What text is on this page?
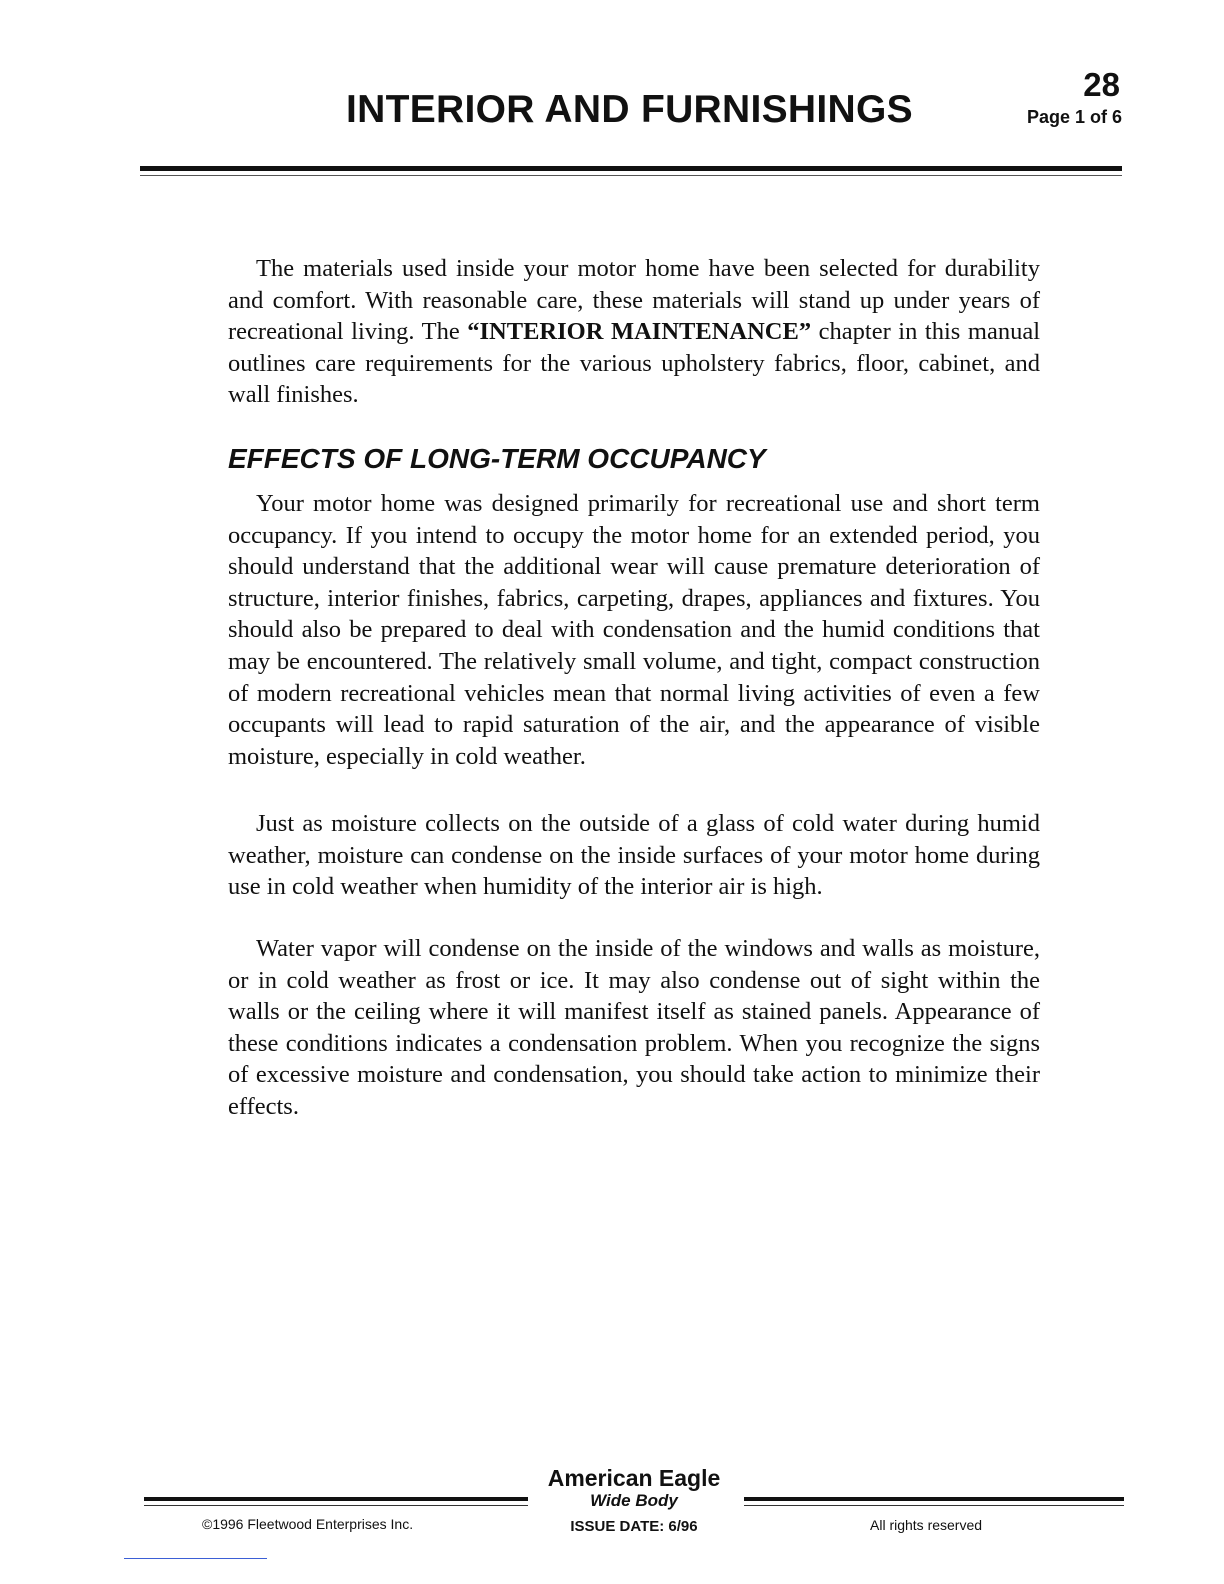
INTERIOR AND FURNISHINGS
28
Page 1 of 6

The materials used inside your motor home have been selected for durability and comfort. With reasonable care, these materials will stand up under years of recreational living. The “INTERIOR MAINTENANCE” chapter in this manual outlines care requirements for the various upholstery fabrics, floor, cabinet, and wall finishes.

EFFECTS OF LONG-TERM OCCUPANCY

Your motor home was designed primarily for recreational use and short term occupancy. If you intend to occupy the motor home for an extended period, you should understand that the additional wear will cause premature deterioration of structure, interior finishes, fabrics, carpeting, drapes, appliances and fixtures. You should also be prepared to deal with condensation and the humid conditions that may be encountered. The relatively small volume, and tight, compact construction of modern recreational vehicles mean that normal living activities of even a few occupants will lead to rapid saturation of the air, and the appearance of visible moisture, especially in cold weather.

Just as moisture collects on the outside of a glass of cold water during humid weather, moisture can condense on the inside surfaces of your motor home during use in cold weather when humidity of the interior air is high.

Water vapor will condense on the inside of the windows and walls as moisture, or in cold weather as frost or ice. It may also condense out of sight within the walls or the ceiling where it will manifest itself as stained panels. Appearance of these conditions indicates a condensation problem. When you recognize the signs of excessive moisture and condensation, you should take action to minimize their effects.

American Eagle
Wide Body
ISSUE DATE: 6/96
©1996 Fleetwood Enterprises Inc.	All rights reserved
